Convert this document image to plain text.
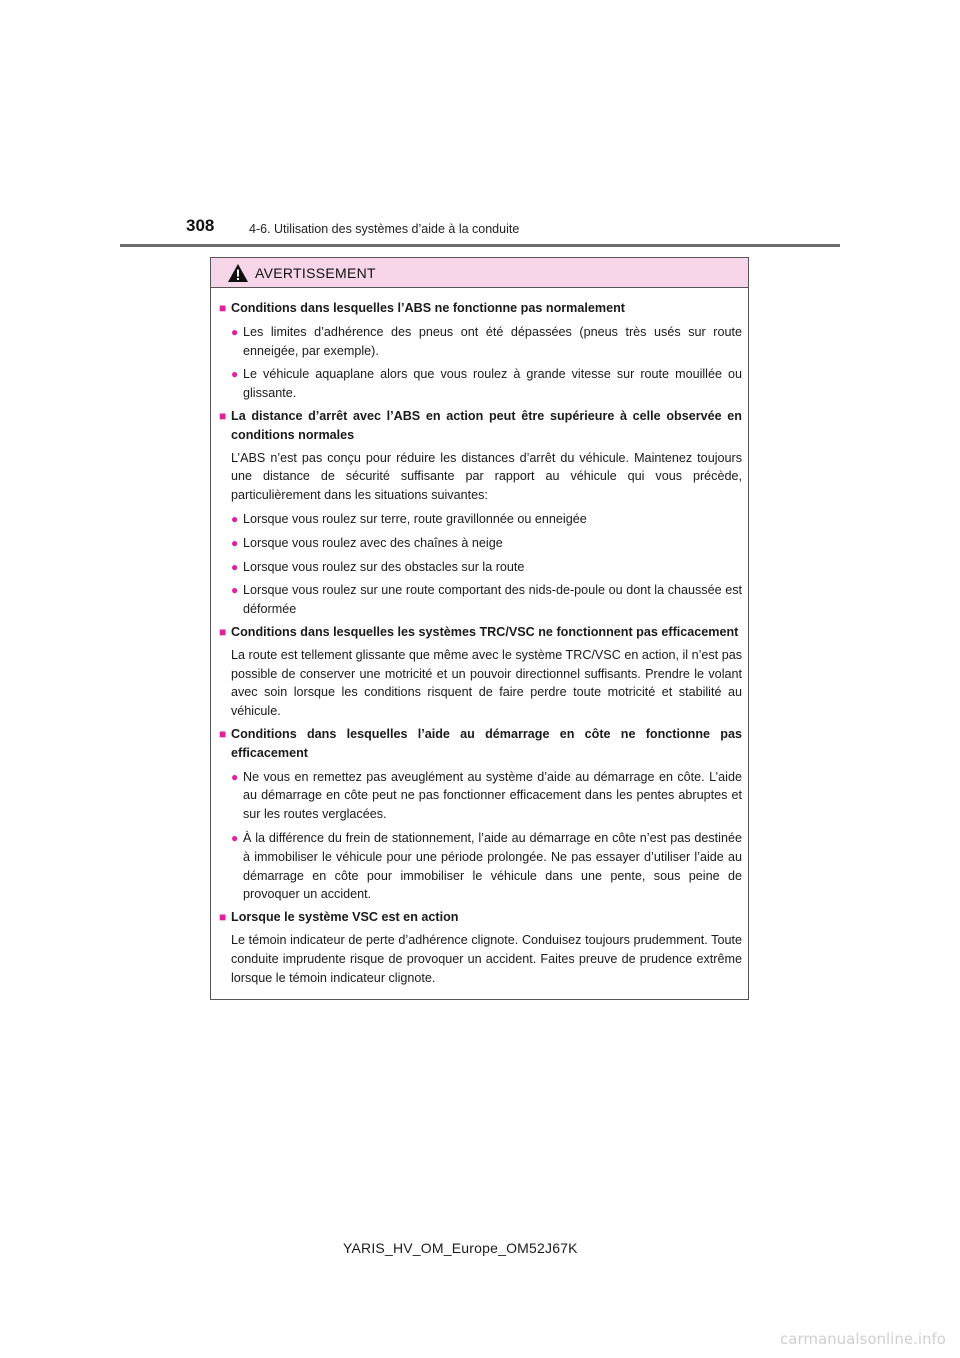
308	4-6. Utilisation des systèmes d’aide à la conduite
AVERTISSEMENT
■ Conditions dans lesquelles l’ABS ne fonctionne pas normalement
● Les limites d’adhérence des pneus ont été dépassées (pneus très usés sur route enneigée, par exemple).
● Le véhicule aquaplane alors que vous roulez à grande vitesse sur route mouillée ou glissante.
■ La distance d’arrêt avec l’ABS en action peut être supérieure à celle observée en conditions normales
L’ABS n’est pas conçu pour réduire les distances d’arrêt du véhicule. Maintenez toujours une distance de sécurité suffisante par rapport au véhicule qui vous précède, particulièrement dans les situations suivantes:
● Lorsque vous roulez sur terre, route gravillonnée ou enneigée
● Lorsque vous roulez avec des chaînes à neige
● Lorsque vous roulez sur des obstacles sur la route
● Lorsque vous roulez sur une route comportant des nids-de-poule ou dont la chaussée est déformée
■ Conditions dans lesquelles les systèmes TRC/VSC ne fonctionnent pas efficacement
La route est tellement glissante que même avec le système TRC/VSC en action, il n’est pas possible de conserver une motricité et un pouvoir directionnel suffisants. Prendre le volant avec soin lorsque les conditions risquent de faire perdre toute motricité et stabilité au véhicule.
■ Conditions dans lesquelles l’aide au démarrage en côte ne fonctionne pas efficacement
● Ne vous en remettez pas aveuglément au système d’aide au démarrage en côte. L’aide au démarrage en côte peut ne pas fonctionner efficacement dans les pentes abruptes et sur les routes verglacées.
● À la différence du frein de stationnement, l’aide au démarrage en côte n’est pas destinée à immobiliser le véhicule pour une période prolongée. Ne pas essayer d’utiliser l’aide au démarrage en côte pour immobiliser le véhicule dans une pente, sous peine de provoquer un accident.
■ Lorsque le système VSC est en action
Le témoin indicateur de perte d’adhérence clignote. Conduisez toujours prudemment. Toute conduite imprudente risque de provoquer un accident. Faites preuve de prudence extrême lorsque le témoin indicateur clignote.
YARIS_HV_OM_Europe_OM52J67K
carmanualsonline.info
